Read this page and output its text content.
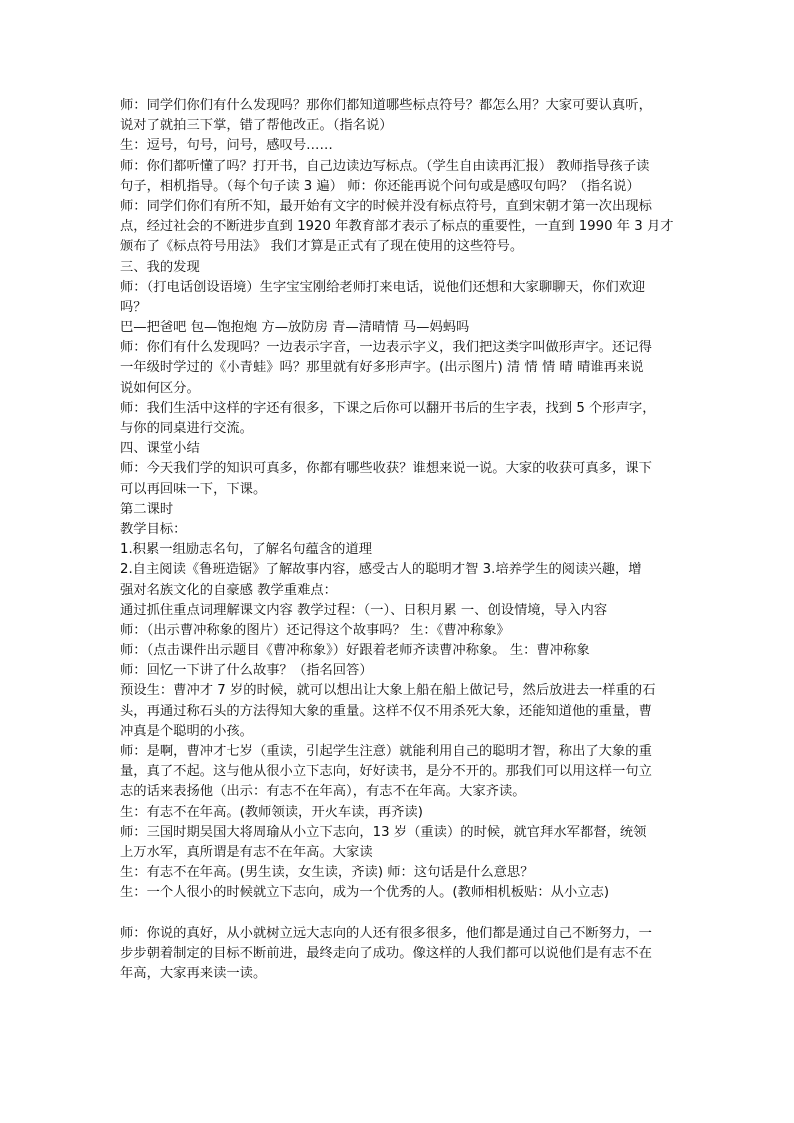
师：同学们你们有什么发现吗？那你们都知道哪些标点符号？都怎么用？大家可要认真听，
说对了就拍三下掌，错了帮他改正。（指名说）
生：逗号，句号，问号，感叹号……
师：你们都听懂了吗？打开书，自己边读边写标点。（学生自由读再汇报） 教师指导孩子读
句子，相机指导。（每个句子读 3 遍） 师：你还能再说个问句或是感叹句吗？（指名说）
师：同学们你们有所不知，最开始有文字的时候并没有标点符号，直到宋朝才第一次出现标
点，经过社会的不断进步直到 1920 年教育部才表示了标点的重要性，一直到 1990 年 3 月才
颁布了《标点符号用法》 我们才算是正式有了现在使用的这些符号。
三、我的发现
师：（打电话创设语境）生字宝宝刚给老师打来电话，说他们还想和大家聊聊天，你们欢迎
吗？
巴—把爸吧 包—饱抱炮 方—放防房 青—清晴情 马—妈蚂吗
师：你们有什么发现吗？一边表示字音，一边表示字义，我们把这类字叫做形声字。还记得
一年级时学过的《小青蛙》吗？那里就有好多形声字。(出示图片) 清 情 情 晴 晴谁再来说
说如何区分。
师：我们生活中这样的字还有很多，下课之后你可以翻开书后的生字表，找到 5 个形声字，
与你的同桌进行交流。
四、课堂小结
师：今天我们学的知识可真多，你都有哪些收获？谁想来说一说。大家的收获可真多，课下
可以再回味一下，下课。
第二课时
教学目标：
1.积累一组励志名句，了解名句蕴含的道理
2.自主阅读《鲁班造锯》了解故事内容，感受古人的聪明才智 3.培养学生的阅读兴趣，增
强对名族文化的自豪感 教学重难点：
通过抓住重点词理解课文内容 教学过程：（一）、日积月累 一、创设情境，导入内容
师：（出示曹冲称象的图片）还记得这个故事吗？ 生：《曹冲称象》
师：（点击课件出示题目《曹冲称象》）好跟着老师齐读曹冲称象。 生：曹冲称象
师：回忆一下讲了什么故事？（指名回答）
预设生：曹冲才 7 岁的时候，就可以想出让大象上船在船上做记号，然后放进去一样重的石
头，再通过称石头的方法得知大象的重量。这样不仅不用杀死大象，还能知道他的重量，曹
冲真是个聪明的小孩。
师：是啊，曹冲才七岁（重读，引起学生注意）就能利用自己的聪明才智，称出了大象的重
量，真了不起。这与他从很小立下志向，好好读书，是分不开的。那我们可以用这样一句立
志的话来表扬他（出示：有志不在年高），有志不在年高。大家齐读。
生：有志不在年高。(教师领读，开火车读，再齐读)
师：三国时期吴国大将周瑜从小立下志向，13 岁（重读）的时候，就官拜水军都督，统领
上万水军，真所谓是有志不在年高。大家读
生：有志不在年高。(男生读，女生读，齐读) 师：这句话是什么意思？
生：一个人很小的时候就立下志向，成为一个优秀的人。(教师相机板贴：从小立志)
师：你说的真好，从小就树立远大志向的人还有很多很多，他们都是通过自己不断努力，一
步步朝着制定的目标不断前进，最终走向了成功。像这样的人我们都可以说他们是有志不在
年高，大家再来读一读。
